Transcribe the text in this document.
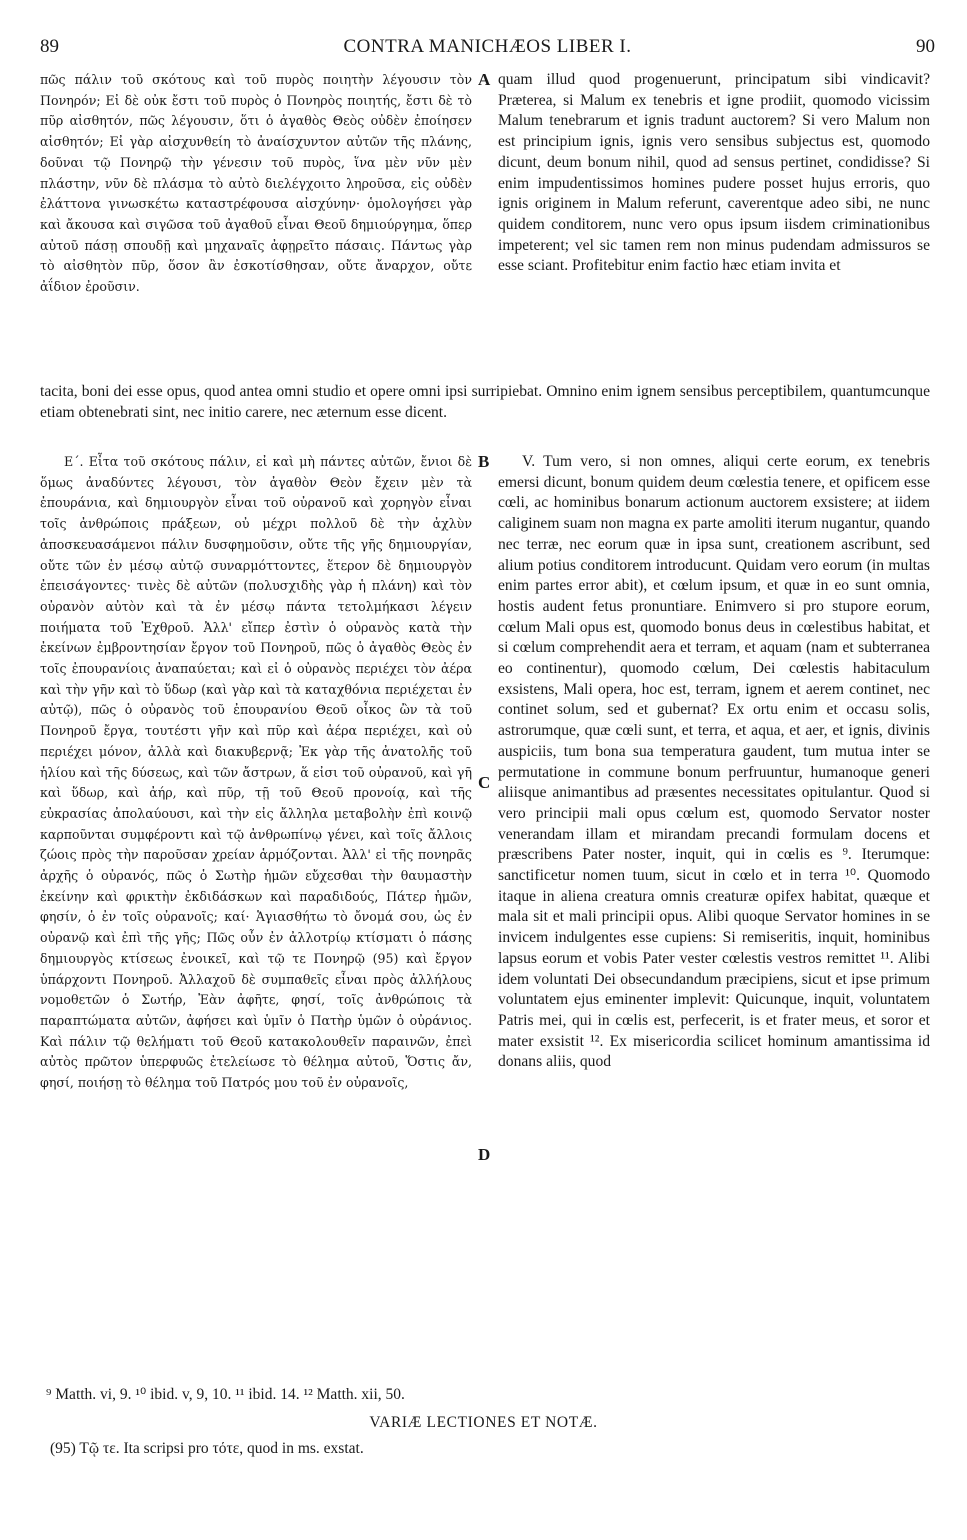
89	CONTRA MANICHÆOS LIBER I.	90

πῶς πάλιν τοῦ σκότους καὶ τοῦ πυρὸς ποιητὴν λέγουσιν τὸν Πονηρόν; Εἰ δὲ οὐκ ἔστι τοῦ πυρὸς ὁ Πονηρὸς ποιητής, ἔστι δὲ τὸ πῦρ αἰσθητόν, πῶς λέγουσιν, ὅτι ὁ ἀγαθὸς Θεὸς οὐδὲν ἐποίησεν αἰσθητόν; Εἰ γὰρ αἰσχυνθείη τὸ ἀναίσχυντον αὐτῶν τῆς πλάνης, δοῦναι τῷ Πονηρῷ τὴν γένεσιν τοῦ πυρὸς, ἵνα μὲν νῦν μὲν πλάστην, νῦν δὲ πλάσμα τὸ αὐτὸ διελέγχοιτο ληροῦσα, εἰς οὐδὲν ἐλάττονα γινωσκέτω καταστρέφουσα αἰσχύνην· ὁμολογήσει γὰρ καὶ ἄκουσα καὶ σιγῶσα τοῦ ἀγαθοῦ εἶναι Θεοῦ δημιούργημα, ὅπερ αὐτοῦ πάσῃ σπουδῇ καὶ μηχαναῖς ἀφῃρεῖτο πάσαις. Πάντως γὰρ τὸ αἰσθητὸν πῦρ, ὅσον ἂν ἐσκοτίσθησαν, οὔτε ἄναρχον, οὔτε ἀΐδιον ἐροῦσιν.

A quam illud quod progenuerunt, principatum sibi vindicavit? Præterea, si Malum ex tenebris et igne prodiit, quomodo vicissim Malum tenebrarum et ignis tradunt auctorem? Si vero Malum non est principium ignis, ignis vero sensibus subjectus est, quomodo dicunt, deum bonum nihil, quod ad sensus pertinet, condidisse? Si enim impudentissimos homines pudere posset hujus erroris, quo ignis originem in Malum referunt, caverentque adeo sibi, ne nunc quidem conditorem, nunc vero opus ipsum iisdem criminationibus impeterent; vel sic tamen rem non minus pudendam admissuros se esse sciant. Profitebitur enim factio hæc etiam invita et

tacita, boni dei esse opus, quod antea omni studio et opere omni ipsi surripiebat. Omnino enim ignem sensibus perceptibilem, quantumcunque etiam obtenebrati sint, nec initio carere, nec æternum esse dicent.

Ε΄. Εἶτα τοῦ σκότους πάλιν, εἰ καὶ μὴ πάντες αὐτῶν, ἔνιοι δὲ ὅμως ἀναδύντες λέγουσι, τὸν ἀγαθὸν Θεὸν ἔχειν μὲν τὰ ἐπουράνια, καὶ δημιουργὸν εἶναι τοῦ οὐρανοῦ καὶ χορηγὸν εἶναι τοῖς ἀνθρώποις πράξεων, οὐ μέχρι πολλοῦ δὲ τὴν ἀχλὺν ἀποσκευασάμενοι πάλιν δυσφημοῦσιν, οὔτε τῆς γῆς δημιουργίαν, οὔτε τῶν ἐν μέσῳ αὐτῷ συναρμόττοντες, ἕτερον δὲ δημιουργὸν ἐπεισάγοντες· τινὲς δὲ αὐτῶν (πολυσχιδὴς γὰρ ἡ πλάνη) καὶ τὸν οὐρανὸν αὐτὸν καὶ τὰ ἐν μέσῳ πάντα τετολμήκασι λέγειν ποιήματα τοῦ Ἐχθροῦ. Ἀλλ' εἴπερ ἐστὶν ὁ οὐρανὸς κατὰ τὴν ἐκείνων ἐμβροντησίαν ἔργον τοῦ Πονηροῦ, πῶς ὁ ἀγαθὸς Θεὸς ἐν τοῖς ἐπουρανίοις ἀναπαύεται; καὶ εἰ ὁ οὐρανὸς περιέχει τὸν ἀέρα καὶ τὴν γῆν καὶ τὸ ὕδωρ (καὶ γὰρ καὶ τὰ καταχθόνια περιέχεται ἐν αὐτῷ), πῶς ὁ οὐρανὸς τοῦ ἐπουρανίου Θεοῦ οἶκος ὢν τὰ τοῦ Πονηροῦ ἔργα, τουτέστι γῆν καὶ πῦρ καὶ ἀέρα περιέχει, καὶ οὐ περιέχει μόνον, ἀλλὰ καὶ διακυβερνᾷ; Ἐκ γὰρ τῆς ἀνατολῆς τοῦ ἡλίου καὶ τῆς δύσεως, καὶ τῶν ἄστρων, ἅ εἰσι τοῦ οὐρανοῦ, καὶ γῆ καὶ ὕδωρ, καὶ ἀήρ, καὶ πῦρ, τῇ τοῦ Θεοῦ προνοίᾳ, καὶ τῆς εὐκρασίας ἀπολαύουσι, καὶ τὴν εἰς ἄλληλα μεταβολὴν ἐπὶ κοινῷ καρποῦνται συμφέροντι καὶ τῷ ἀνθρωπίνῳ γένει, καὶ τοῖς ἄλλοις ζώοις πρὸς τὴν παροῦσαν χρείαν ἁρμόζονται. Ἀλλ' εἰ τῆς πονηρᾶς ἀρχῆς ὁ οὐρανός, πῶς ὁ Σωτὴρ ἡμῶν εὔχεσθαι τὴν θαυμαστὴν ἐκείνην καὶ φρικτὴν ἐκδιδάσκων καὶ παραδιδούς, Πάτερ ἡμῶν, φησίν, ὁ ἐν τοῖς οὐρανοῖς; καί· Ἁγιασθήτω τὸ ὄνομά σου, ὡς ἐν οὐρανῷ καὶ ἐπὶ τῆς γῆς; Πῶς οὖν ἐν ἀλλοτρίῳ κτίσματι ὁ πάσης δημιουργὸς κτίσεως ἐνοικεῖ, καὶ τῷ τε Πονηρῷ (95) καὶ ἔργον ὑπάρχοντι Πονηροῦ. Ἀλλαχοῦ δὲ συμπαθεῖς εἶναι πρὸς ἀλλήλους νομοθετῶν ὁ Σωτήρ, Ἐὰν ἀφῆτε, φησί, τοῖς ἀνθρώποις τὰ παραπτώματα αὐτῶν, ἀφήσει καὶ ὑμῖν ὁ Πατὴρ ὑμῶν ὁ οὐράνιος. Καὶ πάλιν τῷ θελήματι τοῦ Θεοῦ κατακολουθεῖν παραινῶν, ἐπεὶ αὐτὸς πρῶτον ὑπερφυῶς ἐτελείωσε τὸ θέλημα αὐτοῦ, Ὅστις ἄν, φησί, ποιήσῃ τὸ θέλημα τοῦ Πατρός μου τοῦ ἐν οὐρανοῖς,

B
C
D

V. Tum vero, si non omnes, aliqui certe eorum, ex tenebris emersi dicunt, bonum quidem deum cœlestia tenere, et opificem esse cœli, ac hominibus bonarum actionum auctorem exsistere; at iidem caliginem suam non magna ex parte amoliti iterum nugantur, quando nec terræ, nec eorum quæ in ipsa sunt, creationem ascribunt, sed alium potius conditorem introducunt. Quidam vero eorum (in multas enim partes error abit), et cœlum ipsum, et quæ in eo sunt omnia, hostis audent fetus pronuntiare. Enimvero si pro stupore eorum, cœlum Mali opus est, quomodo bonus deus in cœlestibus habitat, et si cœlum comprehendit aera et terram, et aquam (nam et subterranea eo continentur), quomodo cœlum, Dei cœlestis habitaculum exsistens, Mali opera, hoc est, terram, ignem et aerem continet, nec continet solum, sed et gubernat? Ex ortu enim et occasu solis, astrorumque, quæ cœli sunt, et terra, et aqua, et aer, et ignis, divinis auspiciis, tum bona sua temperatura gaudent, tum mutua inter se permutatione in commune bonum perfruuntur, humanoque generi aliisque animantibus ad præsentes necessitates opitulantur. Quod si vero principii mali opus cœlum est, quomodo Servator noster venerandam illam et mirandam precandi formulam docens et præscribens Pater noster, inquit, qui in cœlis es ⁹. Iterumque: sanctificetur nomen tuum, sicut in cœlo et in terra ¹⁰. Quomodo itaque in aliena creatura omnis creaturæ opifex habitat, quæque et mala sit et mali principii opus. Alibi quoque Servator homines in se invicem indulgentes esse cupiens: Si remiseritis, inquit, hominibus lapsus eorum et vobis Pater vester cœlestis vestros remittet ¹¹. Alibi idem voluntati Dei obsecundandum præcipiens, sicut et ipse primum voluntatem ejus eminenter implevit: Quicunque, inquit, voluntatem Patris mei, qui in cœlis est, perfecerit, is et frater meus, et soror et mater exsistit ¹². Ex misericordia scilicet hominum amantissima id donans aliis, quod

⁹ Matth. vi, 9. ¹⁰ ibid. v, 9, 10. ¹¹ ibid. 14. ¹² Matth. xii, 50.
VARIÆ LECTIONES ET NOTÆ.
(95) Τῷ τε. Ita scripsi pro τότε, quod in ms. exstat.
